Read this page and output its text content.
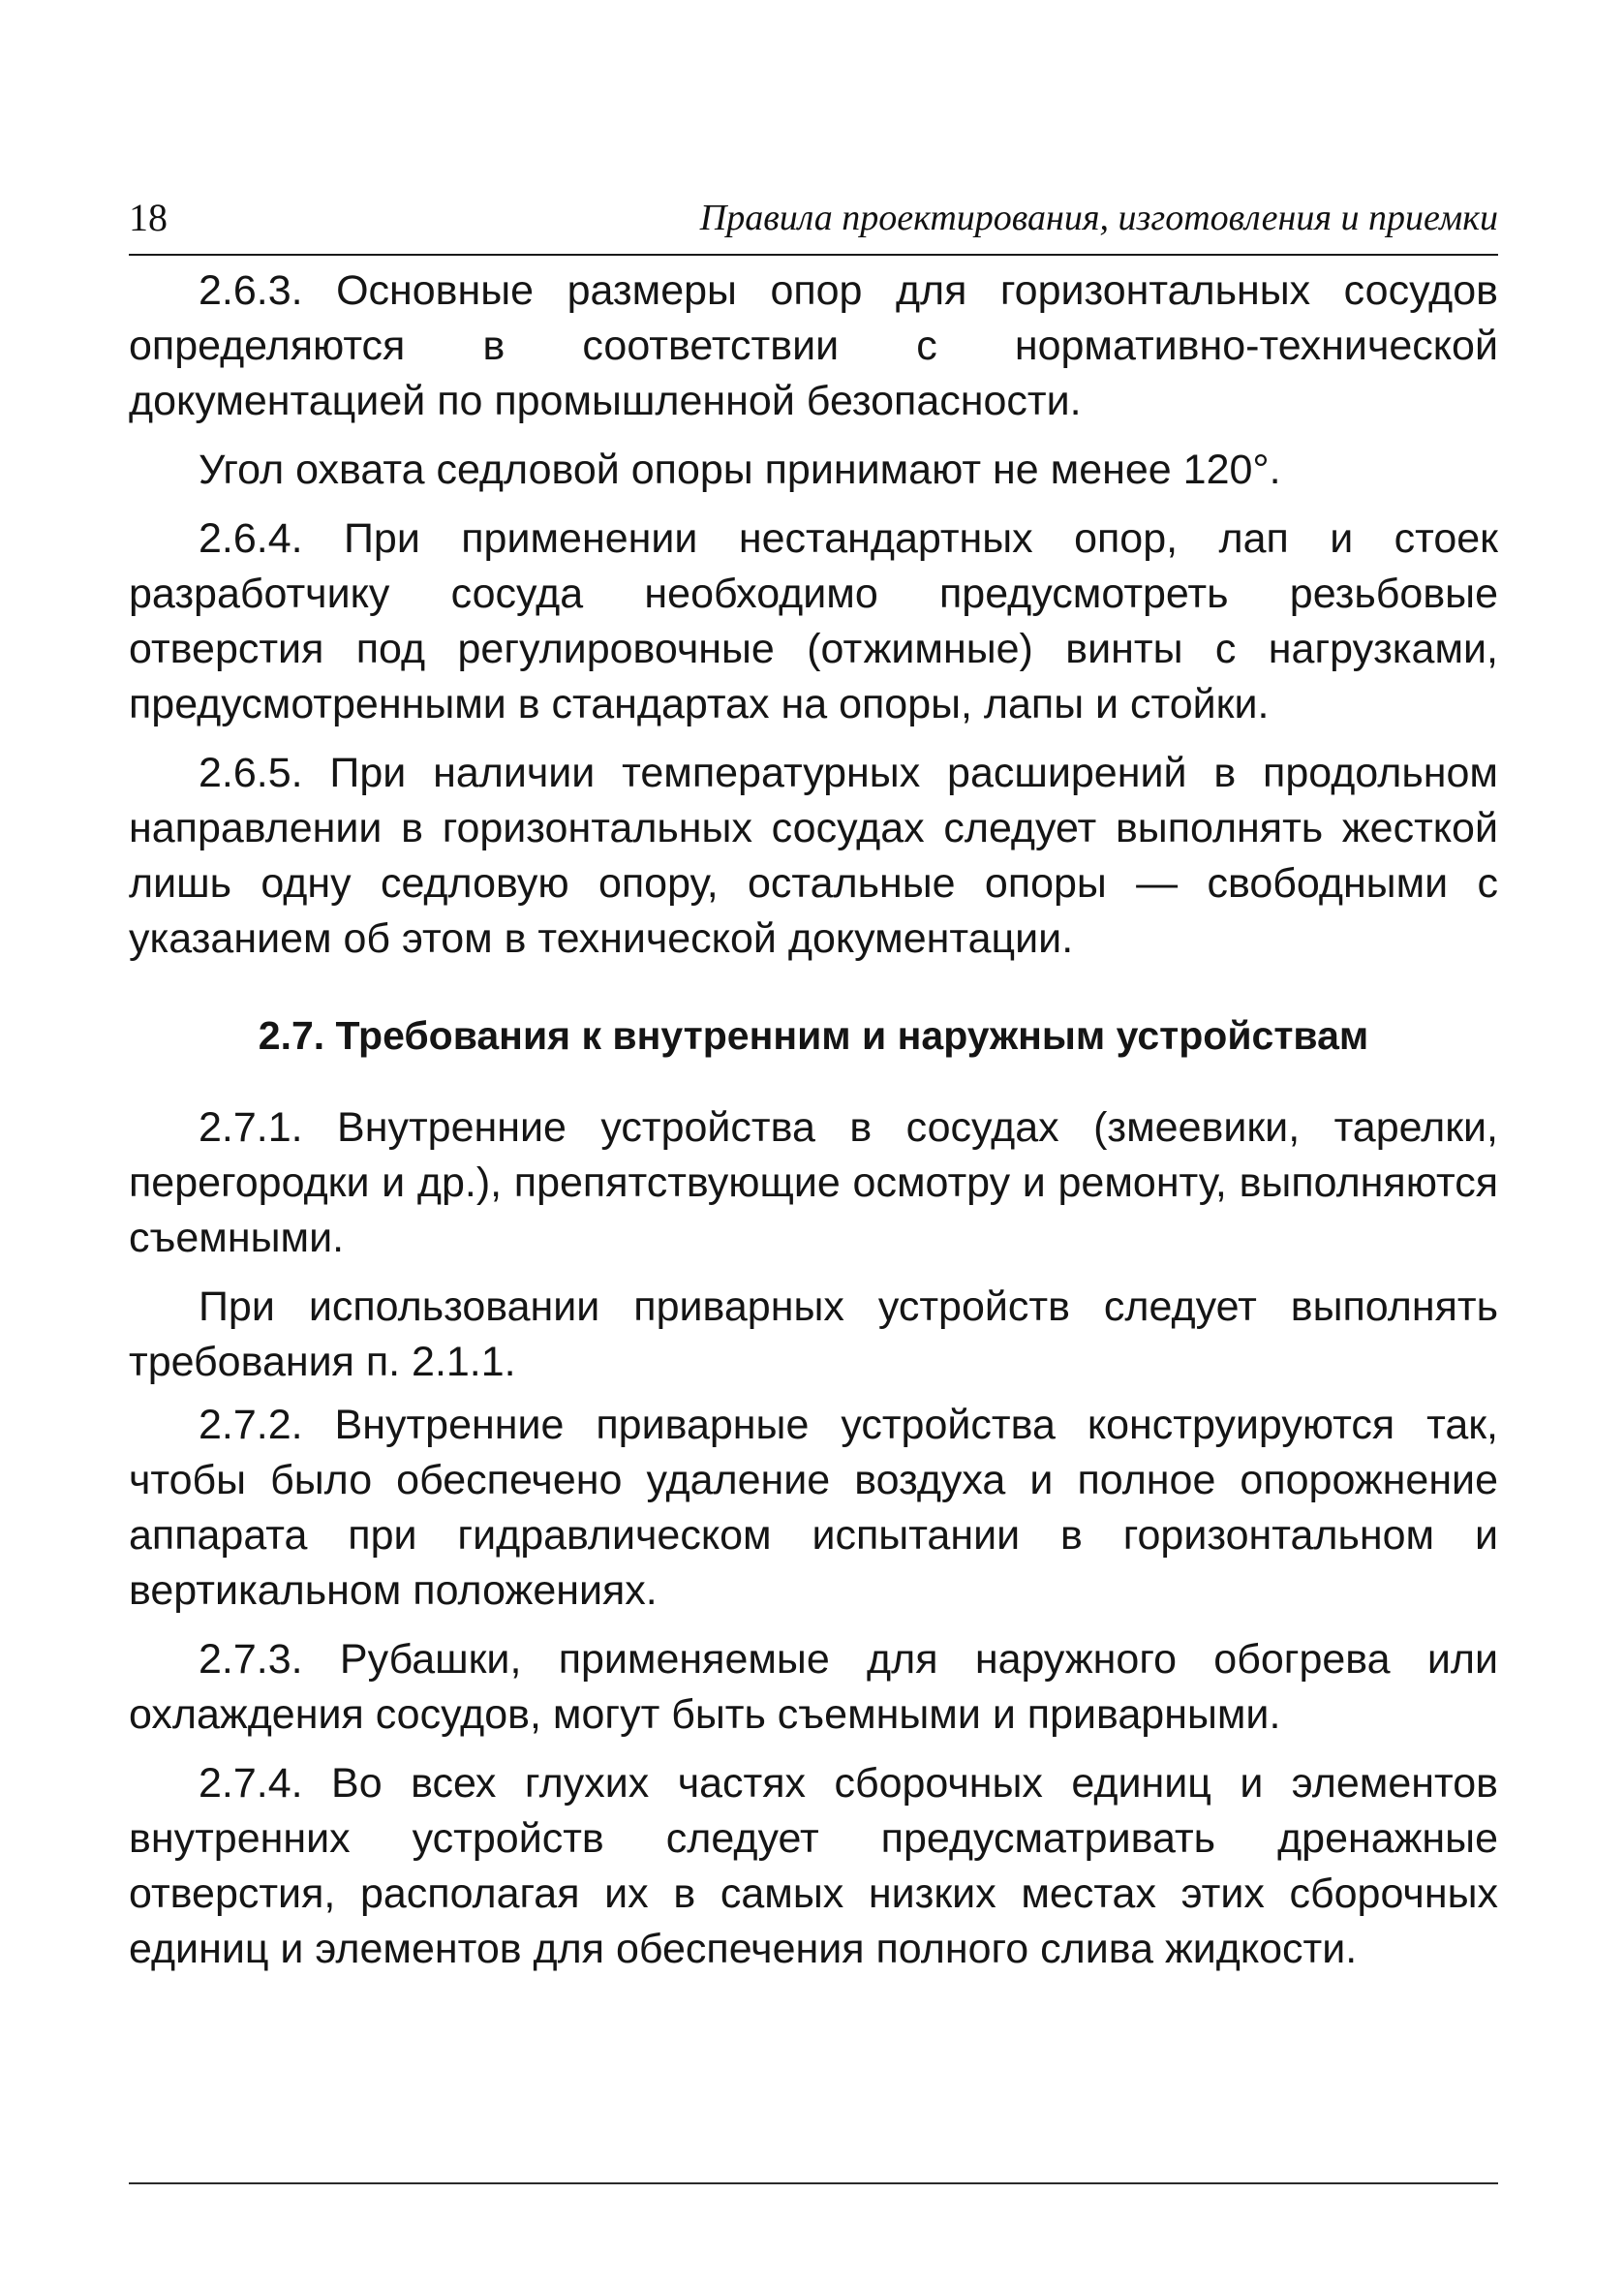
18	Правила проектирования, изготовления и приемки

2.6.3. Основные размеры опор для горизонтальных сосудов определяются в соответствии с нормативно-технической документацией по промышленной безопасности.

Угол охвата седловой опоры принимают не менее 120°.

2.6.4. При применении нестандартных опор, лап и стоек разработчику сосуда необходимо предусмотреть резьбовые отверстия под регулировочные (отжимные) винты с нагрузками, предусмотренными в стандартах на опоры, лапы и стойки.

2.6.5. При наличии температурных расширений в продольном направлении в горизонтальных сосудах следует выполнять жесткой лишь одну седловую опору, остальные опоры — свободными с указанием об этом в технической документации.

2.7. Требования к внутренним и наружным устройствам

2.7.1. Внутренние устройства в сосудах (змеевики, тарелки, перегородки и др.), препятствующие осмотру и ремонту, выполняются съемными.

При использовании приварных устройств следует выполнять требования п. 2.1.1.

2.7.2. Внутренние приварные устройства конструируются так, чтобы было обеспечено удаление воздуха и полное опорожнение аппарата при гидравлическом испытании в горизонтальном и вертикальном положениях.

2.7.3. Рубашки, применяемые для наружного обогрева или охлаждения сосудов, могут быть съемными и приварными.

2.7.4. Во всех глухих частях сборочных единиц и элементов внутренних устройств следует предусматривать дренажные отверстия, располагая их в самых низких местах этих сборочных единиц и элементов для обеспечения полного слива жидкости.
